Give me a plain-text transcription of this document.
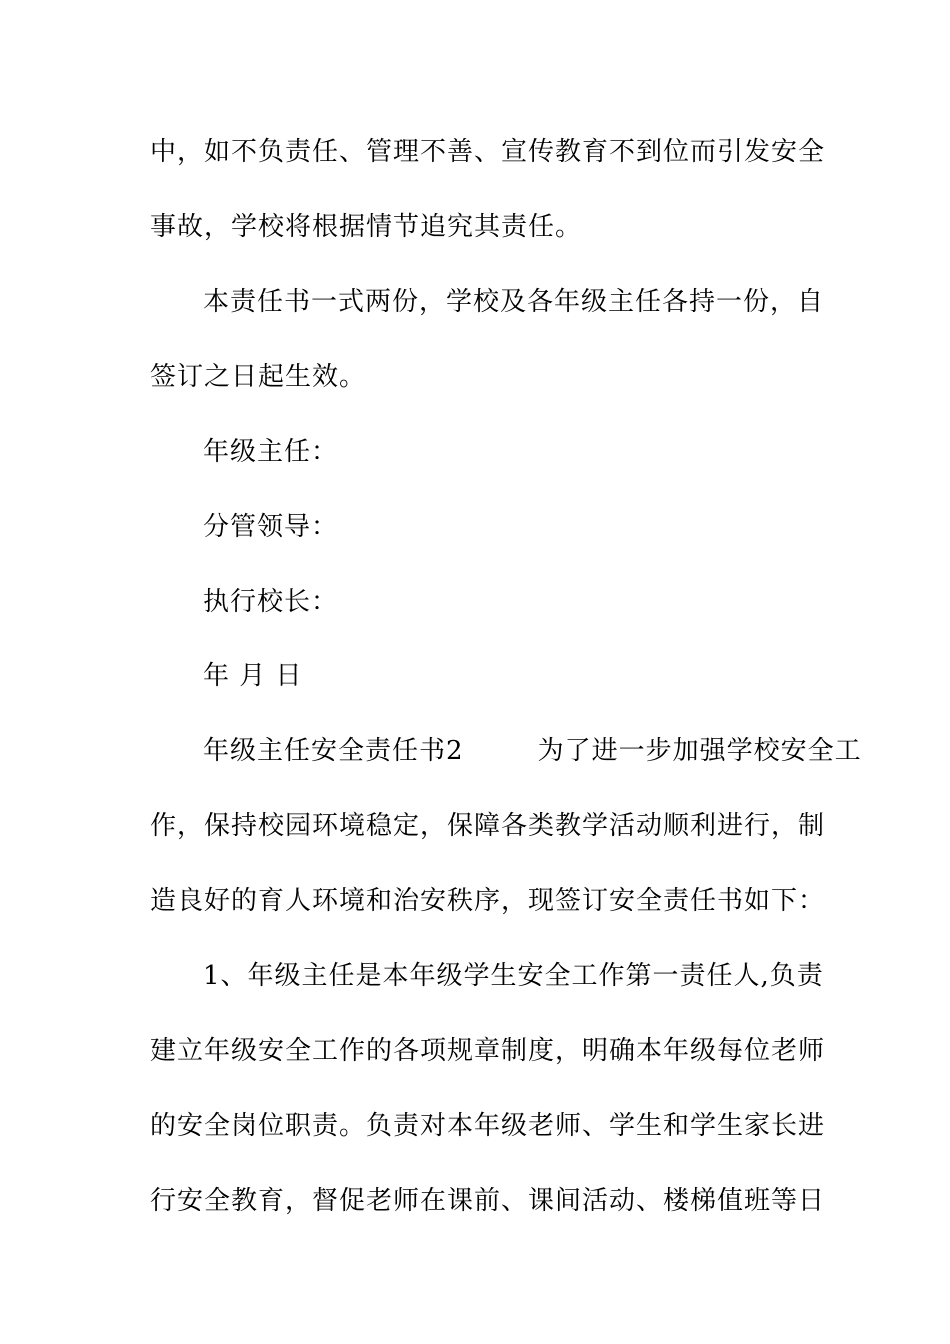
中，如不负责任、管理不善、宣传教育不到位而引发安全
事故，学校将根据情节追究其责任。
本责任书一式两份，学校及各年级主任各持一份，自
签订之日起生效。
年级主任：
分管领导：
执行校长：
年 月 日
年级主任安全责任书2        为了进一步加强学校安全工
作，保持校园环境稳定，保障各类教学活动顺利进行，制
造良好的育人环境和治安秩序，现签订安全责任书如下：
1、年级主任是本年级学生安全工作第一责任人,负责
建立年级安全工作的各项规章制度，明确本年级每位老师
的安全岗位职责。负责对本年级老师、学生和学生家长进
行安全教育，督促老师在课前、课间活动、楼梯值班等日
